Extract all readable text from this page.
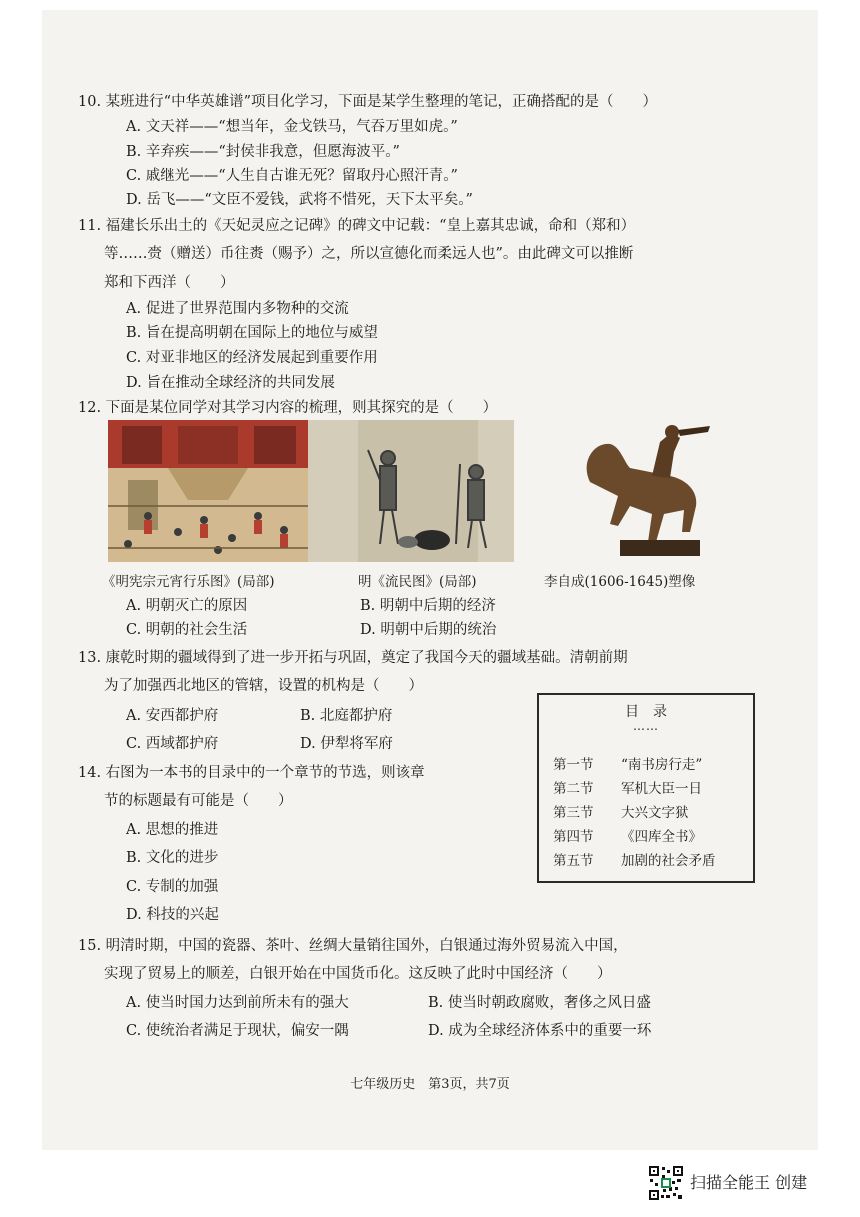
10. 某班进行“中华英雄谱”项目化学习，下面是某学生整理的笔记，正确搭配的是（　　）
A. 文天祥——“想当年，金戈铁马，气吞万里如虎。”
B. 辛弃疾——“封侯非我意，但愿海波平。”
C. 戚继光——“人生自古谁无死？留取丹心照汗青。”
D. 岳飞——“文臣不爱钱，武将不惜死，天下太平矣。”
11. 福建长乐出土的《天妃灵应之记碑》的碑文中记载：“皇上嘉其忠诚，命和（郑和）
等……赍（赠送）币往赉（赐予）之，所以宣德化而柔远人也”。由此碑文可以推断
郑和下西洋（　　）
A. 促进了世界范围内多物种的交流
B. 旨在提高明朝在国际上的地位与威望
C. 对亚非地区的经济发展起到重要作用
D. 旨在推动全球经济的共同发展
12. 下面是某位同学对其学习内容的梳理，则其探究的是（　　）
《明宪宗元宵行乐图》(局部)	明《流民图》(局部)	李自成(1606-1645)塑像
A. 明朝灭亡的原因	B. 明朝中后期的经济
C. 明朝的社会生活	D. 明朝中后期的统治
13. 康乾时期的疆域得到了进一步开拓与巩固，奠定了我国今天的疆域基础。清朝前期
为了加强西北地区的管辖，设置的机构是（　　）
A. 安西都护府	B. 北庭都护府
C. 西域都护府	D. 伊犁将军府
14. 右图为一本书的目录中的一个章节的节选，则该章
节的标题最有可能是（　　）
A. 思想的推进
B. 文化的进步
C. 专制的加强
D. 科技的兴起
目　录
……
第一节 “南书房行走”
第二节 军机大臣一日
第三节 大兴文字狱
第四节 《四库全书》
第五节 加剧的社会矛盾
15. 明清时期，中国的瓷器、茶叶、丝绸大量销往国外，白银通过海外贸易流入中国，
实现了贸易上的顺差，白银开始在中国货币化。这反映了此时中国经济（　　）
A. 使当时国力达到前所未有的强大	B. 使当时朝政腐败，奢侈之风日盛
C. 使统治者满足于现状，偏安一隅	D. 成为全球经济体系中的重要一环
七年级历史　第3页，共7页
扫描全能王 创建
